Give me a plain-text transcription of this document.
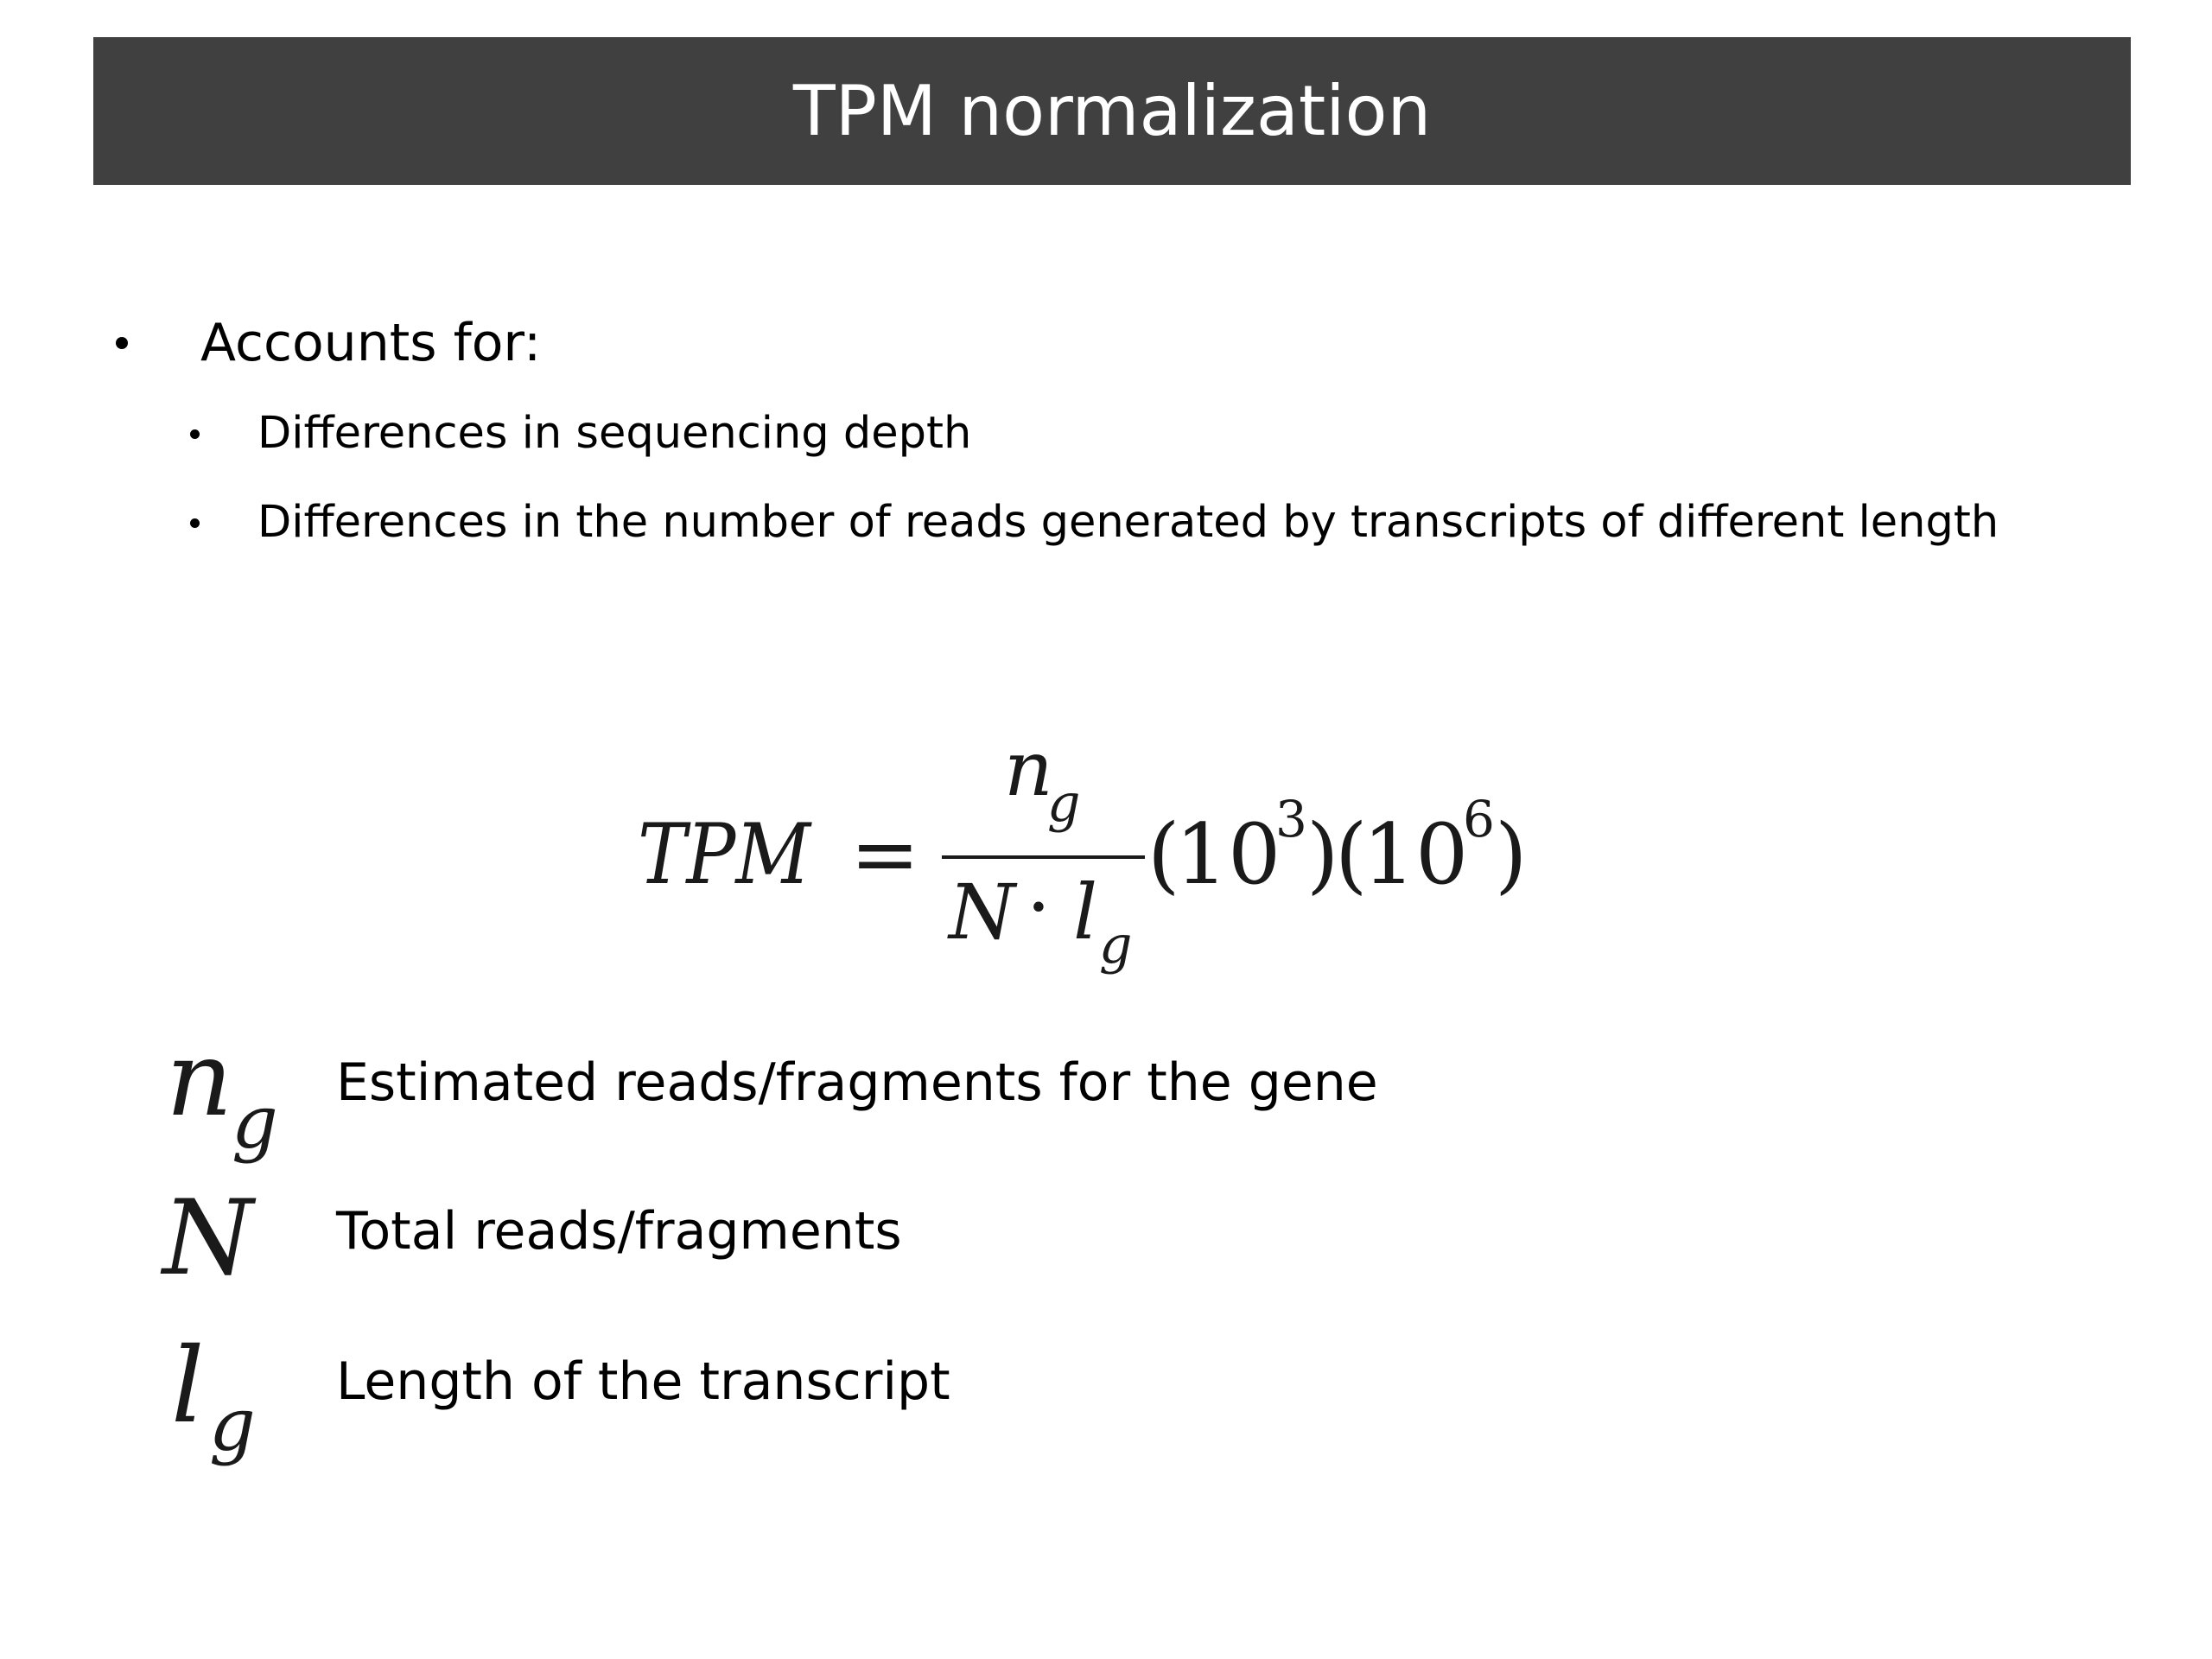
TPM normalization
Accounts for:
Differences in sequencing depth
Differences in the number of reads generated by transcripts of different length
TPM =
n
g
N · l g
(
10
3 )
(
10
6 )
n
g
N
l g
Estimated reads/fragments for the gene
Total reads/fragments
Length of the transcript
